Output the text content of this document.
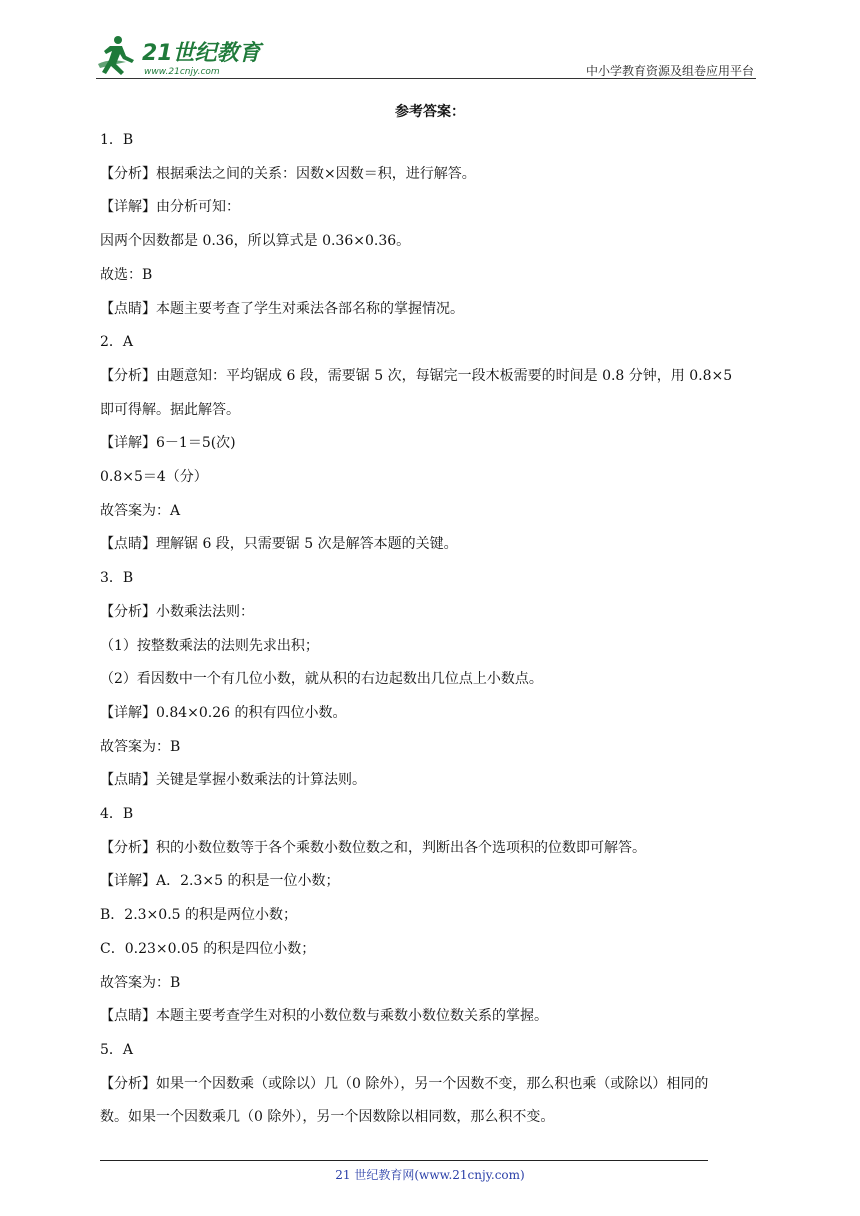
21世纪教育
www.21cnjy.com	中小学教育资源及组卷应用平台
参考答案：

1．B

【分析】根据乘法之间的关系：因数×因数＝积，进行解答。

【详解】由分析可知：

因两个因数都是 0.36，所以算式是 0.36×0.36。

故选：B

【点睛】本题主要考查了学生对乘法各部名称的掌握情况。

2．A

【分析】由题意知：平均锯成 6 段，需要锯 5 次，每锯完一段木板需要的时间是 0.8 分钟，用 0.8×5

即可得解。据此解答。

【详解】6－1＝5(次)

0.8×5＝4（分）

故答案为：A

【点睛】理解锯 6 段，只需要锯 5 次是解答本题的关键。

3．B

【分析】小数乘法法则：

（1）按整数乘法的法则先求出积；

（2）看因数中一个有几位小数，就从积的右边起数出几位点上小数点。

【详解】0.84×0.26 的积有四位小数。

故答案为：B

【点睛】关键是掌握小数乘法的计算法则。

4．B

【分析】积的小数位数等于各个乘数小数位数之和，判断出各个选项积的位数即可解答。

【详解】A．2.3×5 的积是一位小数；

B．2.3×0.5 的积是两位小数；

C．0.23×0.05 的积是四位小数；

故答案为：B

【点睛】本题主要考查学生对积的小数位数与乘数小数位数关系的掌握。

5．A

【分析】如果一个因数乘（或除以）几（0 除外），另一个因数不变，那么积也乘（或除以）相同的

数。如果一个因数乘几（0 除外），另一个因数除以相同数，那么积不变。

21 世纪教育网(www.21cnjy.com)
